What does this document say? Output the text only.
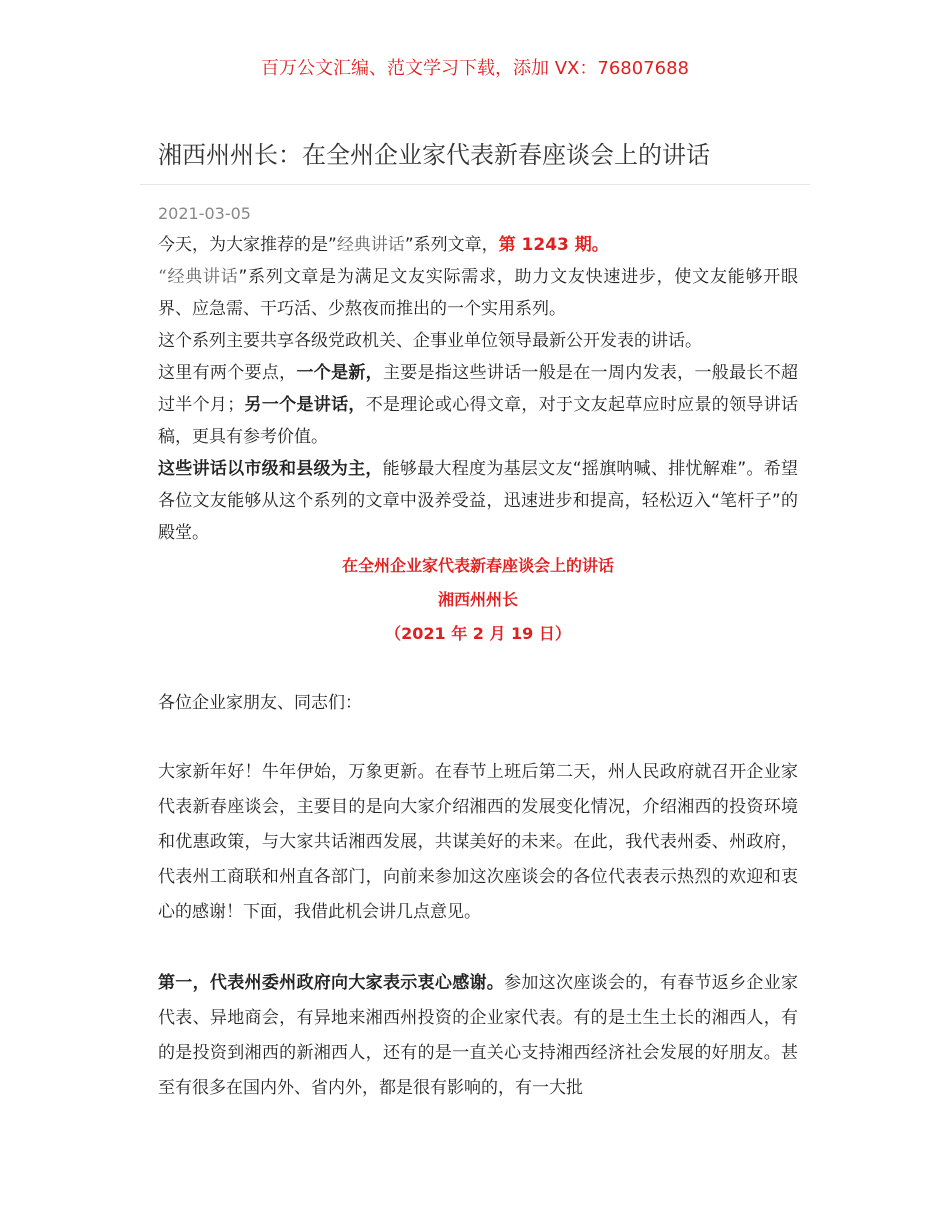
百万公文汇编、范文学习下载，添加 VX：76807688
湘西州州长：在全州企业家代表新春座谈会上的讲话
2021-03-05

今天，为大家推荐的是”经典讲话”系列文章，第 1243 期。

“经典讲话”系列文章是为满足文友实际需求，助力文友快速进步，使文友能够开眼界、应急需、干巧活、少熬夜而推出的一个实用系列。

这个系列主要共享各级党政机关、企事业单位领导最新公开发表的讲话。

这里有两个要点，一个是新，主要是指这些讲话一般是在一周内发表，一般最长不超过半个月；另一个是讲话，不是理论或心得文章，对于文友起草应时应景的领导讲话稿，更具有参考价值。

这些讲话以市级和县级为主，能够最大程度为基层文友“摇旗呐喊、排忧解难”。希望各位文友能够从这个系列的文章中汲养受益，迅速进步和提高，轻松迈入“笔杆子”的殿堂。

在全州企业家代表新春座谈会上的讲话

湘西州州长

（2021 年 2 月 19 日）

各位企业家朋友、同志们：

大家新年好！牛年伊始，万象更新。在春节上班后第二天，州人民政府就召开企业家代表新春座谈会，主要目的是向大家介绍湘西的发展变化情况，介绍湘西的投资环境和优惠政策，与大家共话湘西发展，共谋美好的未来。在此，我代表州委、州政府，代表州工商联和州直各部门，向前来参加这次座谈会的各位代表表示热烈的欢迎和衷心的感谢！下面，我借此机会讲几点意见。

第一，代表州委州政府向大家表示衷心感谢。参加这次座谈会的，有春节返乡企业家代表、异地商会，有异地来湘西州投资的企业家代表。有的是土生土长的湘西人，有的是投资到湘西的新湘西人，还有的是一直关心支持湘西经济社会发展的好朋友。甚至有很多在国内外、省内外，都是很有影响的，有一大批
